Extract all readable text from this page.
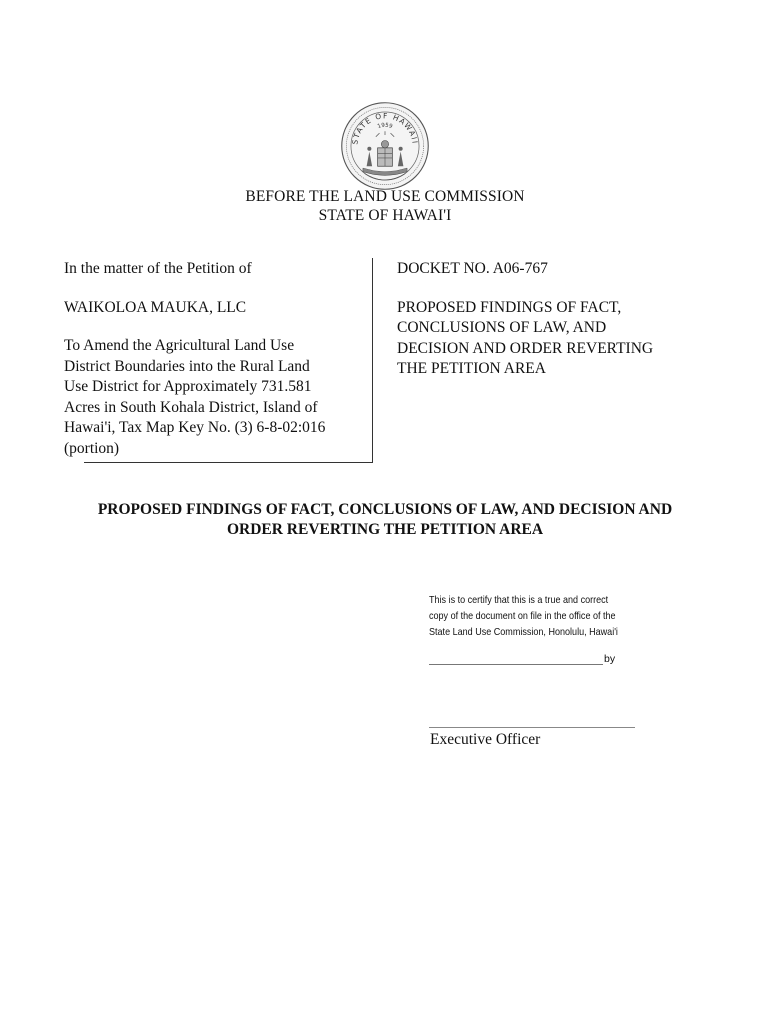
STATE OF HAWAII
1959
BEFORE THE LAND USE COMMISSION
STATE OF HAWAI'I

In the matter of the Petition of

WAIKOLOA MAUKA, LLC

To Amend the Agricultural Land Use

District Boundaries into the Rural Land

Use District for Approximately 731.581

Acres in South Kohala District, Island of

Hawai'i, Tax Map Key No. (3) 6-8-02:016

(portion)

DOCKET NO. A06-767

PROPOSED FINDINGS OF FACT,

CONCLUSIONS OF LAW, AND

DECISION AND ORDER REVERTING

THE PETITION AREA

PROPOSED FINDINGS OF FACT, CONCLUSIONS OF LAW, AND DECISION AND
ORDER REVERTING THE PETITION AREA

This is to certify that this is a true and correct

copy of the document on file in the office of the

State Land Use Commission, Honolulu, Hawai'i

by
Executive Officer
